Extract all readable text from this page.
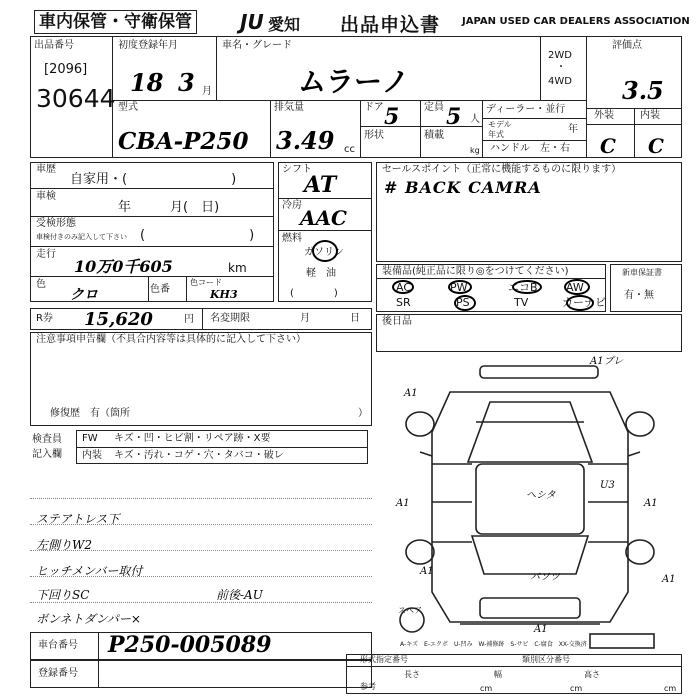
車内保管・守衛保管 JU 愛知 出品申込書 JAPAN USED CAR DEALERS ASSOCIATION
出品番号
[2096]
30644
初度登録年月
18 3 月
車名・グレード
ムラーノ
2WD
・
4WD
評価点
3.5
型式
CBA-P250
排気量
3.49 cc
ドア 5 定員 5 人
形状	積載
kg
ディーラー・並行
モデル
年式	年
ハンドル　左・右
外装	内装
C C
車歴
自家用・(　　　　　　　　)
車検
年　　　月(　日)
受検形態
車検付きのみ記入して下さい (　　　　　　　　)
走行
10万0千605	km
色
クロ	色番
色コード
KH3
シフト
AT
冷房
AAC
燃料
ガソリン
軽　油
(　　　　)
セールスポイント（正常に機能するものに限ります）
# BACK CAMRA
装備品(純正品に限り◎をつけてください)
AC	PW	エコB	AW
SR	PS	TV	カーナビ
新車保証書
有・無
R券 15,620	円 名変期限	月	日
注意事項申告欄（不具合内容等は具体的に記入して下さい）
修復歴　有（箇所	）
検査員
記入欄
FW キズ・凹・ヒビ割・リペア跡・X要
内装 キズ・汚れ・コゲ・穴・タバコ・破レ
ステアトレス下
左側りW2
ヒッチメンバー取付
下回りSC
ボンネトダンパー×
前後-AU
後日品
A1プレ
A1
A1
A1
A1
A1
A1
U3
ヘシタ
パソツ
スペア
A-キズ　E-エクボ　U-凹み　W-補修跡　S-サビ　C-腐食　XX-交換済
車台番号 P250-005089
登録番号
形式指定番号	類別区分番号
長さ
cm
幅
cm
高さ
cm
参考
